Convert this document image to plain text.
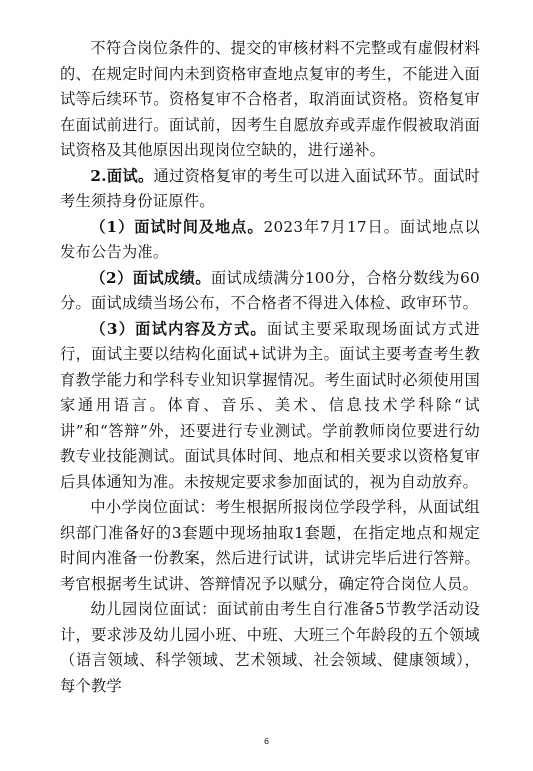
不符合岗位条件的、提交的审核材料不完整或有虚假材料的、在规定时间内未到资格审查地点复审的考生，不能进入面试等后续环节。资格复审不合格者，取消面试资格。资格复审在面试前进行。面试前，因考生自愿放弃或弄虚作假被取消面试资格及其他原因出现岗位空缺的，进行递补。

2.面试。通过资格复审的考生可以进入面试环节。面试时考生须持身份证原件。

（1）面试时间及地点。2023年7月17日。面试地点以发布公告为准。

（2）面试成绩。面试成绩满分100分，合格分数线为60分。面试成绩当场公布，不合格者不得进入体检、政审环节。

（3）面试内容及方式。面试主要采取现场面试方式进行，面试主要以结构化面试+试讲为主。面试主要考查考生教育教学能力和学科专业知识掌握情况。考生面试时必须使用国家通用语言。体育、音乐、美术、信息技术学科除“试讲”和“答辩”外，还要进行专业测试。学前教师岗位要进行幼教专业技能测试。面试具体时间、地点和相关要求以资格复审后具体通知为准。未按规定要求参加面试的，视为自动放弃。

中小学岗位面试：考生根据所报岗位学段学科，从面试组织部门准备好的3套题中现场抽取1套题，在指定地点和规定时间内准备一份教案，然后进行试讲，试讲完毕后进行答辩。考官根据考生试讲、答辩情况予以赋分，确定符合岗位人员。

幼儿园岗位面试：面试前由考生自行准备5节教学活动设计，要求涉及幼儿园小班、中班、大班三个年龄段的五个领域（语言领域、科学领域、艺术领域、社会领域、健康领域），每个教学

6
